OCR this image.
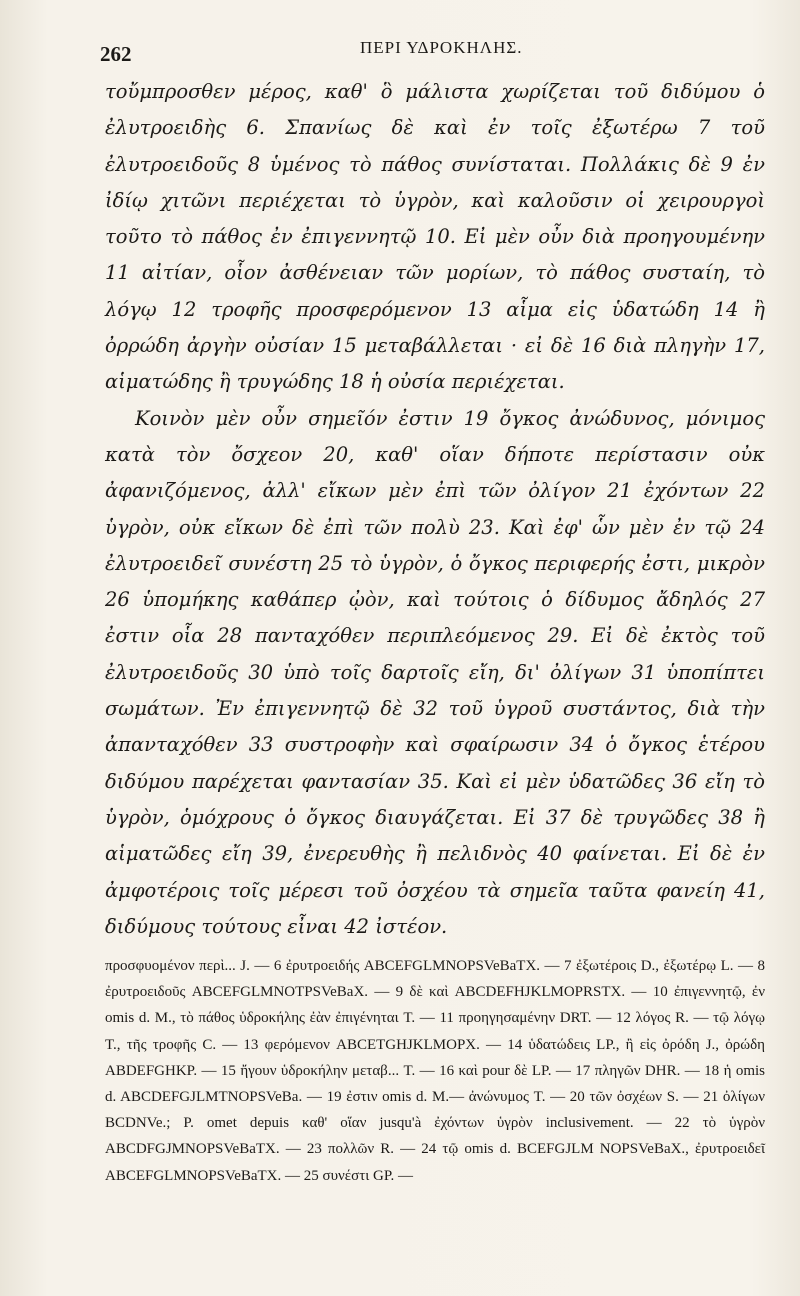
262	ΠΕΡΙ ΥΔΡΟΚΗΛΗΣ.

τοὔμπροσθεν μέρος, καθ' ὃ μάλιστα χωρίζεται τοῦ διδύμου ὁ ἐλυτροειδὴς 6. Σπανίως δὲ καὶ ἐν τοῖς ἐξωτέρω 7 τοῦ ἐλυτροειδοῦς 8 ὑμένος τὸ πάθος συνίσταται. Πολλάκις δὲ 9 ἐν ἰδίῳ χιτῶνι περιέχεται τὸ ὑγρὸν, καὶ καλοῦσιν οἱ χειρουργοὶ τοῦτο τὸ πάθος ἐν ἐπιγεννητῷ 10. Εἰ μὲν οὖν διὰ προηγουμένην 11 αἰτίαν, οἷον ἀσθένειαν τῶν μορίων, τὸ πάθος συσταίη, τὸ λόγῳ 12 τροφῆς προσφερόμενον 13 αἷμα εἰς ὑδατώδη 14 ἢ ὀρρώδη ἀργὴν οὐσίαν 15 μεταβάλλεται · εἰ δὲ 16 διὰ πληγὴν 17, αἱματώδης ἢ τρυγώδης 18 ἡ οὐσία περιέχεται.

Κοινὸν μὲν οὖν σημεῖόν ἐστιν 19 ὄγκος ἀνώδυνος, μόνιμος κατὰ τὸν ὄσχεον 20, καθ' οἵαν δήποτε περίστασιν οὐκ ἀφανιζόμενος, ἀλλ' εἴκων μὲν ἐπὶ τῶν ὀλίγον 21 ἐχόντων 22 ὑγρὸν, οὐκ εἴκων δὲ ἐπὶ τῶν πολὺ 23. Καὶ ἐφ' ὧν μὲν ἐν τῷ 24 ἐλυτροειδεῖ συνέστη 25 τὸ ὑγρὸν, ὁ ὄγκος περιφερής ἐστι, μικρὸν 26 ὑπομήκης καθάπερ ᾠὸν, καὶ τούτοις ὁ δίδυμος ἄδηλός 27 ἐστιν οἷα 28 πανταχόθεν περιπλεόμενος 29. Εἰ δὲ ἐκτὸς τοῦ ἐλυτροειδοῦς 30 ὑπὸ τοῖς δαρτοῖς εἴη, δι' ὀλίγων 31 ὑποπίπτει σωμάτων. Ἐν ἐπιγεννητῷ δὲ 32 τοῦ ὑγροῦ συστάντος, διὰ τὴν ἀπανταχόθεν 33 συστροφὴν καὶ σφαίρωσιν 34 ὁ ὄγκος ἑτέρου διδύμου παρέχεται φαντασίαν 35. Καὶ εἰ μὲν ὑδατῶδες 36 εἴη τὸ ὑγρὸν, ὁμόχρους ὁ ὄγκος διαυγάζεται. Εἰ 37 δὲ τρυγῶδες 38 ἢ αἱματῶδες εἴη 39, ἐνερευθὴς ἢ πελιδνὸς 40 φαίνεται. Εἰ δὲ ἐν ἀμφοτέροις τοῖς μέρεσι τοῦ ὀσχέου τὰ σημεῖα ταῦτα φανείη 41, διδύμους τούτους εἶναι 42 ἰστέον.

προσφυομένον περὶ... J. — 6 ἐρυτροειδής ABCEFGLMNOPSVeBaTX. — 7 ἐξωτέροις D., ἐξωτέρῳ L. — 8 ἐρυτροειδοῦς ABCEFGLMNOTPSVeBaX. — 9 δὲ καὶ ABCDEFHJKLMOPRSTX. — 10 ἐπιγεννητῷ, ἐν omis d. M., τὸ πάθος ὑδροκήλης ἐὰν ἐπιγένηται T. — 11 προηγησαμένην DRT. — 12 λόγος R. — τῷ λόγῳ T., τῆς τροφῆς C. — 13 φερόμενον ABCETGHJKLMOPX. — 14 ὑδατώδεις LP., ἢ εἰς ὀρόδη J., ὀρώδη ABDEFGHKP. — 15 ἤγουν ὑδροκήλην μεταβ... T. — 16 καὶ pour δὲ LP. — 17 πληγῶν DHR. — 18 ἡ omis d. ABCDEFGJLMTNOPSVeBa. — 19 ἐστιν omis d. M.— ἀνώνυμος T. — 20 τῶν ὀσχέων S. — 21 ὀλίγων BCDNVe.; P. omet depuis καθ' οἵαν jusqu'à ἐχόντων ὑγρὸν inclusivement. — 22 τὸ ὑγρὸν ABCDFGJMNOPSVeBaTX. — 23 πολλῶν R. — 24 τῷ omis d. BCEFGJLM NOPSVeBaX., ἐρυτροειδεῖ ABCEFGLMNOPSVeBaTX. — 25 συνέστι GP. —
